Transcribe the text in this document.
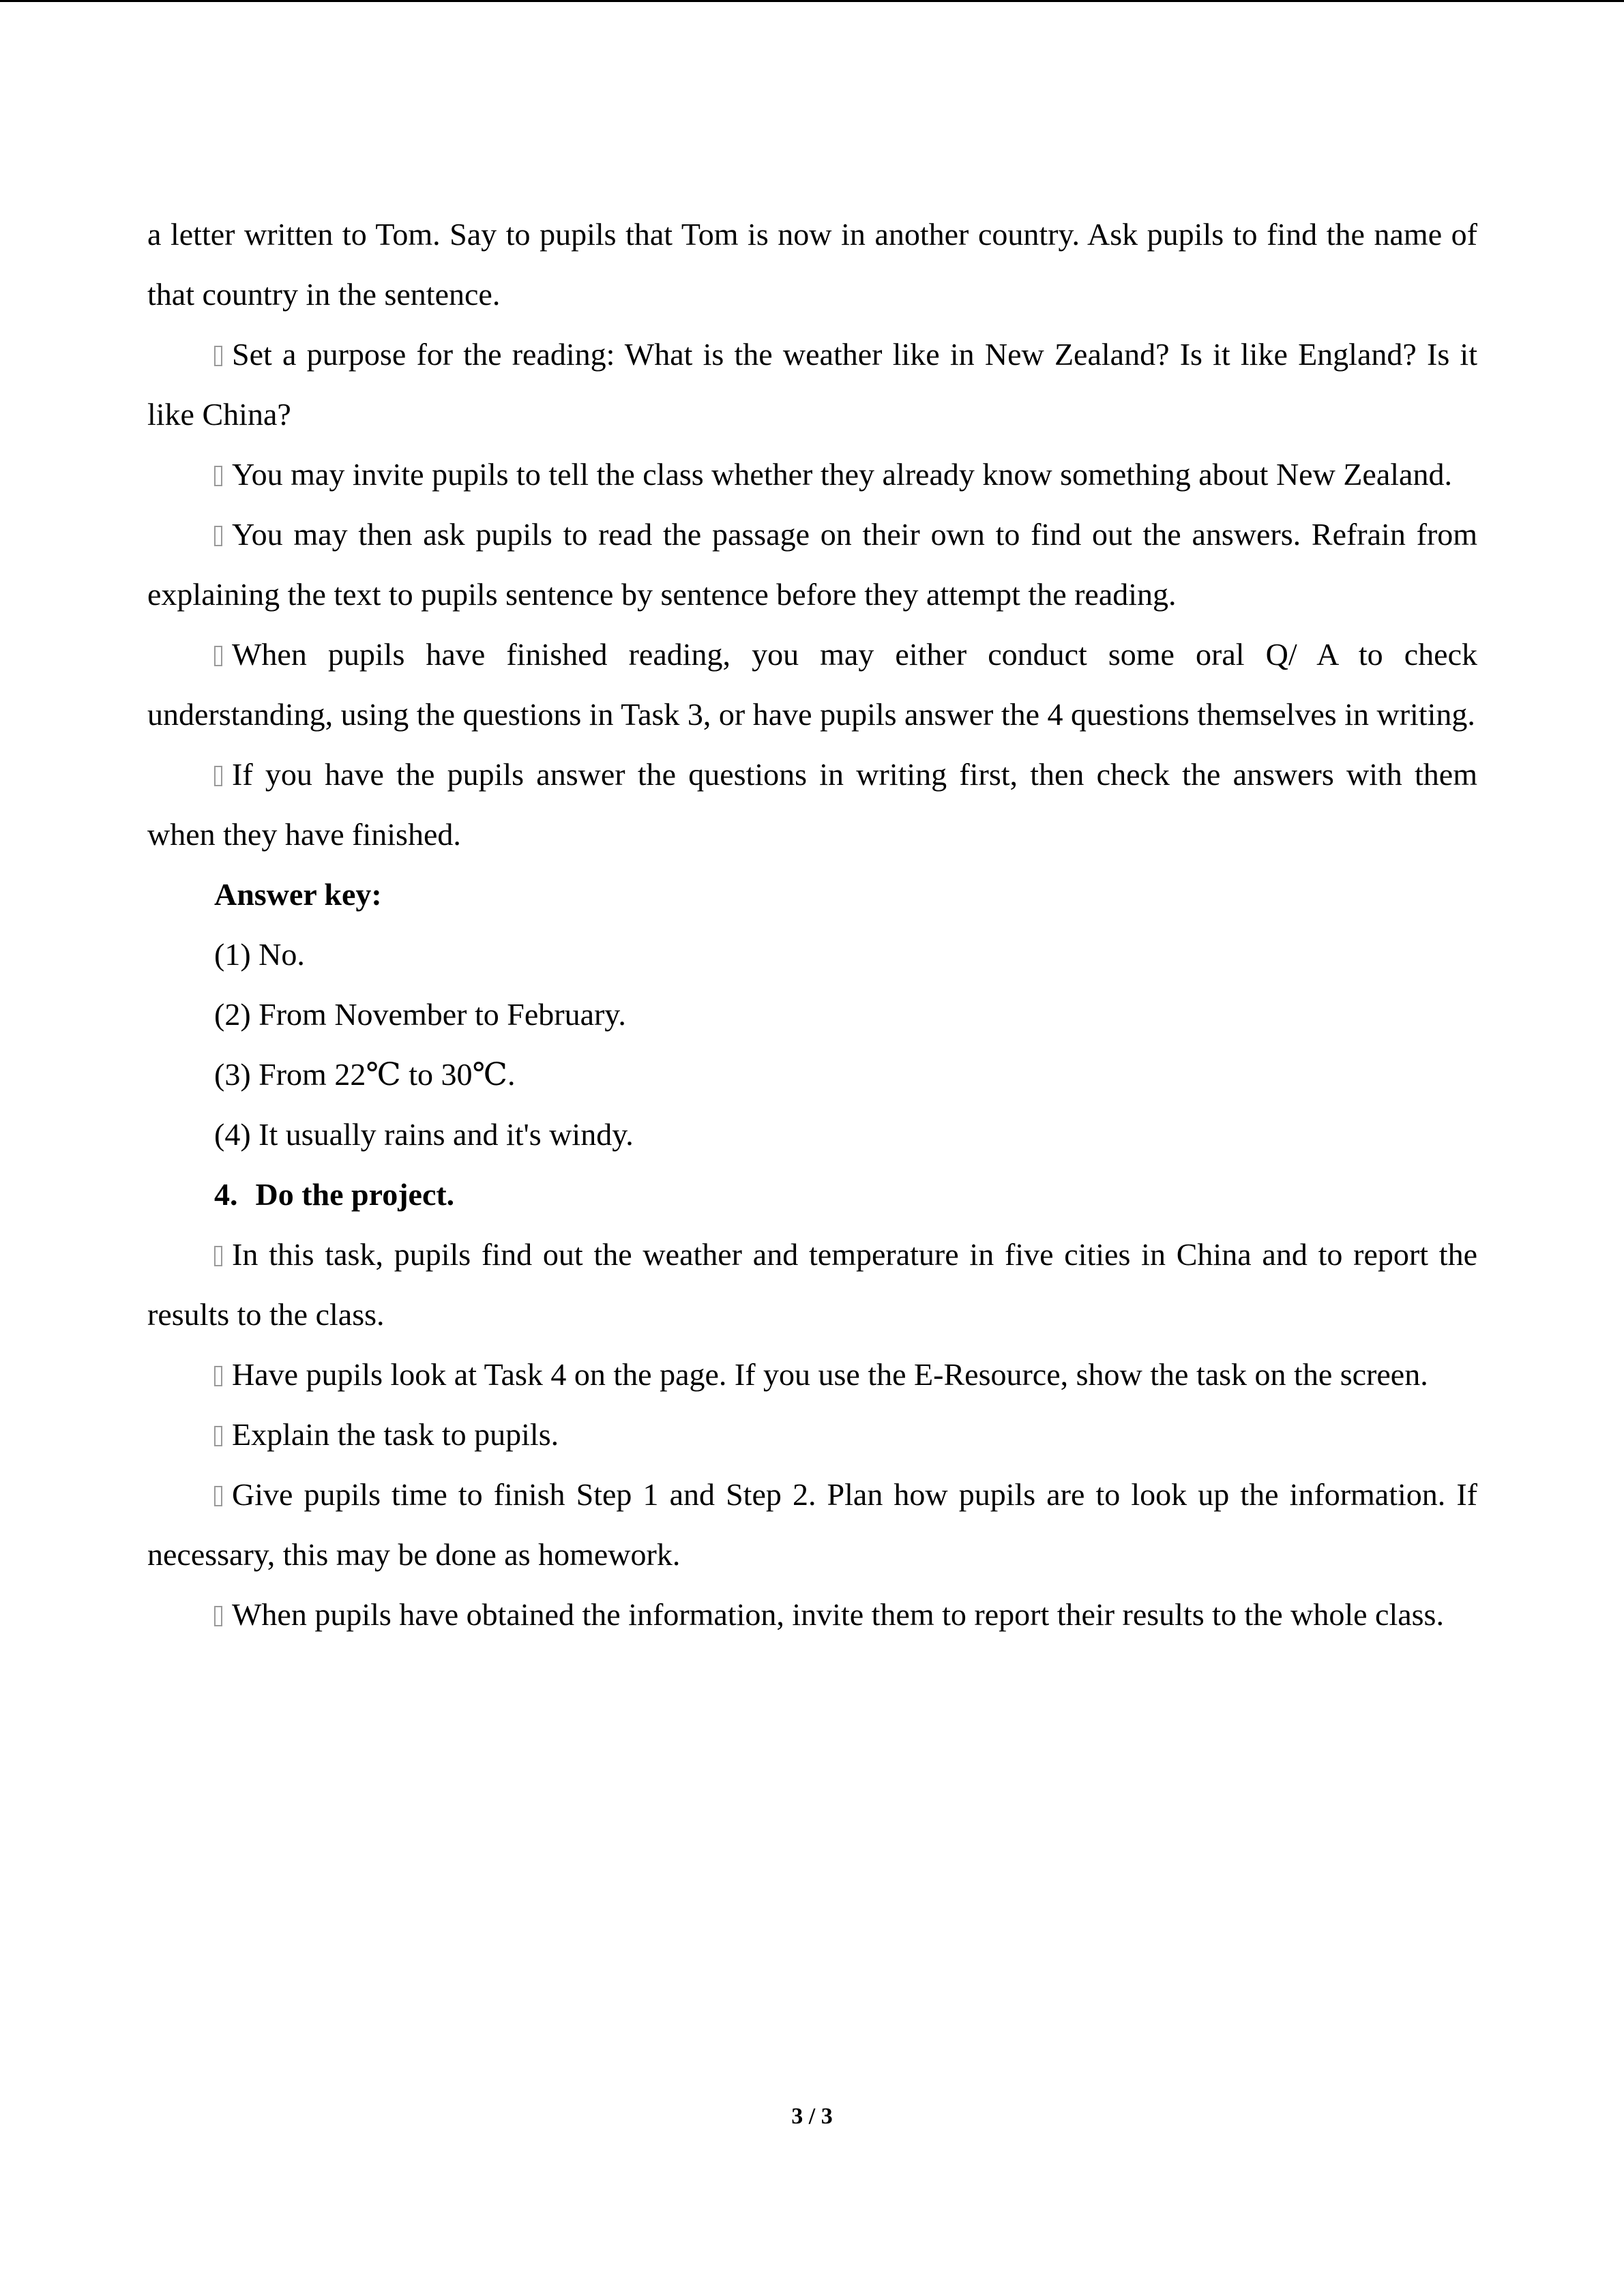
a letter written to Tom. Say to pupils that Tom is now in another country. Ask pupils to find the name of that country in the sentence.

Set a purpose for the reading: What is the weather like in New Zealand? Is it like England? Is it like China?

You may invite pupils to tell the class whether they already know something about New Zealand.

You may then ask pupils to read the passage on their own to find out the answers. Refrain from explaining the text to pupils sentence by sentence before they attempt the reading.

When pupils have finished reading, you may either conduct some oral Q/ A to check understanding, using the questions in Task 3, or have pupils answer the 4 questions themselves in writing.

If you have the pupils answer the questions in writing first, then check the answers with them when they have finished.

Answer key:

(1) No.

(2) From November to February.

(3) From 22℃ to 30℃.

(4) It usually rains and it's windy.

4. Do the project.

In this task, pupils find out the weather and temperature in five cities in China and to report the results to the class.

Have pupils look at Task 4 on the page. If you use the E-Resource, show the task on the screen.

Explain the task to pupils.

Give pupils time to finish Step 1 and Step 2. Plan how pupils are to look up the information. If necessary, this may be done as homework.

When pupils have obtained the information, invite them to report their results to the whole class.

3 / 3
